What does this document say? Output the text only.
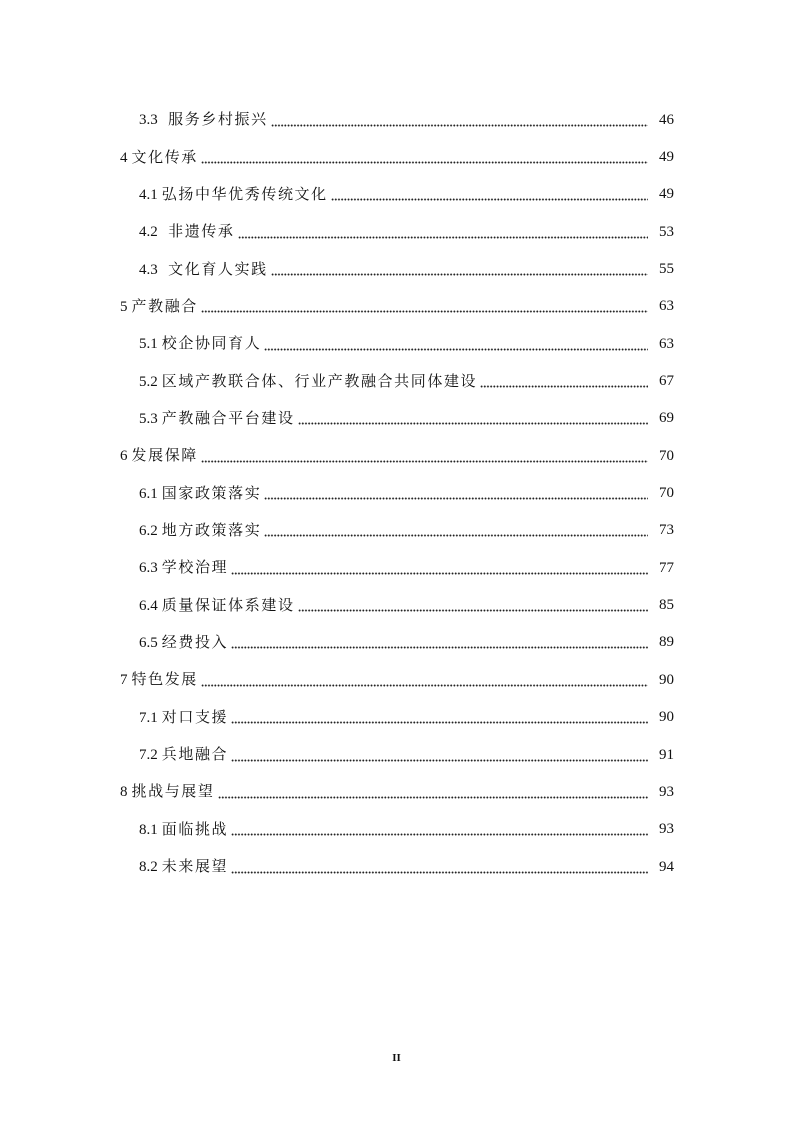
3.3 服务乡村振兴	46
4 文化传承	49
4.1 弘扬中华优秀传统文化	49
4.2 非遗传承	53
4.3 文化育人实践	55
5 产教融合	63
5.1 校企协同育人	63
5.2 区域产教联合体、行业产教融合共同体建设	67
5.3 产教融合平台建设	69
6 发展保障	70
6.1 国家政策落实	70
6.2 地方政策落实	73
6.3 学校治理	77
6.4 质量保证体系建设	85
6.5 经费投入	89
7 特色发展	90
7.1 对口支援	90
7.2 兵地融合	91
8 挑战与展望	93
8.1 面临挑战	93
8.2 未来展望	94
II
